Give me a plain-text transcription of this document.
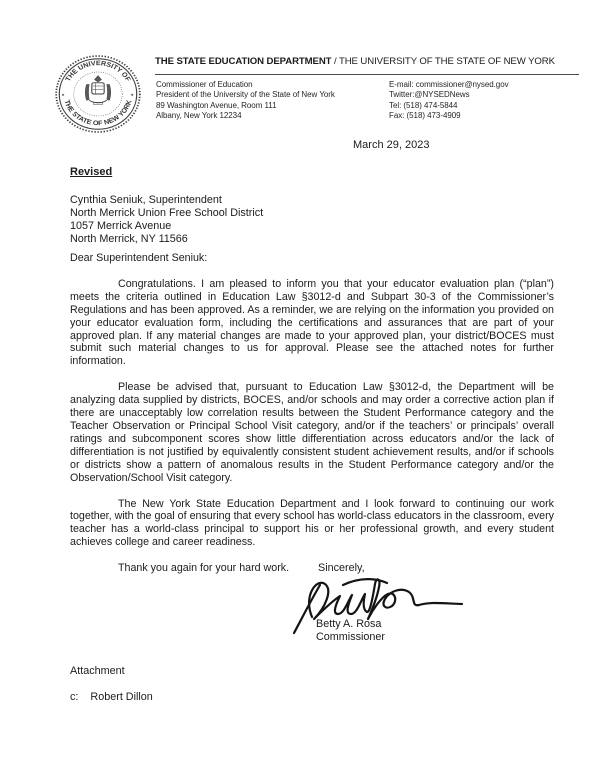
THE UNIVERSITY OF
THE STATE OF NEW YORK
✦	✦
THE STATE EDUCATION DEPARTMENT / THE UNIVERSITY OF THE STATE OF NEW YORK
Commissioner of Education
President of the University of the State of New York
89 Washington Avenue, Room 111
Albany, New York 12234
E-mail: commissioner@nysed.gov
Twitter:@NYSEDNews
Tel: (518) 474-5844
Fax: (518) 473-4909
March 29, 2023
Revised
Cynthia Seniuk, Superintendent
North Merrick Union Free School District
1057 Merrick Avenue
North Merrick, NY 11566
Dear Superintendent Seniuk:

Congratulations. I am pleased to inform you that your educator evaluation plan (“plan”) meets the criteria outlined in Education Law §3012-d and Subpart 30-3 of the Commissioner’s Regulations and has been approved. As a reminder, we are relying on the information you provided on your educator evaluation form, including the certifications and assurances that are part of your approved plan. If any material changes are made to your approved plan, your district/BOCES must submit such material changes to us for approval. Please see the attached notes for further information.

Please be advised that, pursuant to Education Law §3012-d, the Department will be analyzing data supplied by districts, BOCES, and/or schools and may order a corrective action plan if there are unacceptably low correlation results between the Student Performance category and the Teacher Observation or Principal School Visit category, and/or if the teachers’ or principals’ overall ratings and subcomponent scores show little differentiation across educators and/or the lack of differentiation is not justified by equivalently consistent student achievement results, and/or if schools or districts show a pattern of anomalous results in the Student Performance category and/or the Observation/School Visit category.

The New York State Education Department and I look forward to continuing our work together, with the goal of ensuring that every school has world-class educators in the classroom, every teacher has a world-class principal to support his or her professional growth, and every student achieves college and career readiness.

Thank you again for your hard work.	Sincerely,
Betty A. Rosa
Commissioner
Attachment
c: Robert Dillon
